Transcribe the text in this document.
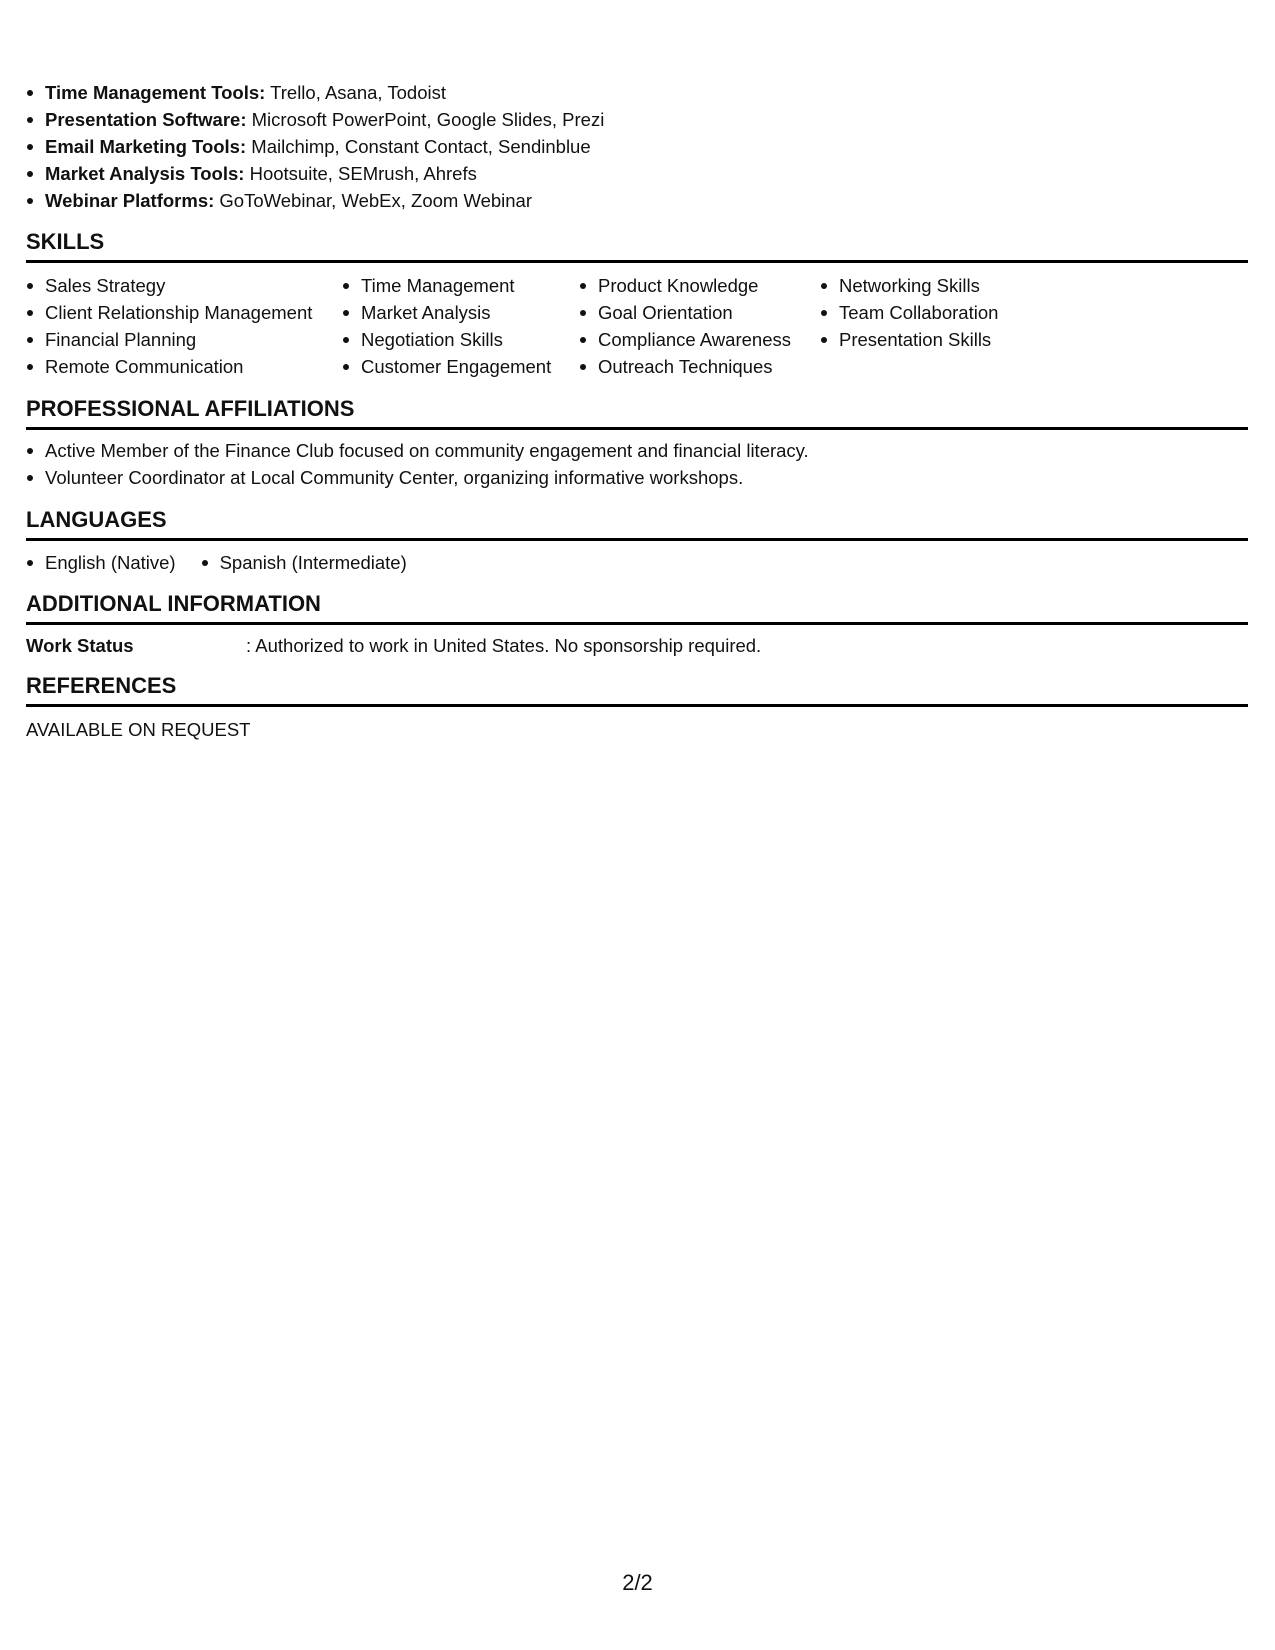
Time Management Tools: Trello, Asana, Todoist
Presentation Software: Microsoft PowerPoint, Google Slides, Prezi
Email Marketing Tools: Mailchimp, Constant Contact, Sendinblue
Market Analysis Tools: Hootsuite, SEMrush, Ahrefs
Webinar Platforms: GoToWebinar, WebEx, Zoom Webinar
SKILLS
Sales Strategy
Client Relationship Management
Financial Planning
Remote Communication
Time Management
Market Analysis
Negotiation Skills
Customer Engagement
Product Knowledge
Goal Orientation
Compliance Awareness
Outreach Techniques
Networking Skills
Team Collaboration
Presentation Skills
PROFESSIONAL AFFILIATIONS
Active Member of the Finance Club focused on community engagement and financial literacy.
Volunteer Coordinator at Local Community Center, organizing informative workshops.
LANGUAGES
English (Native)	Spanish (Intermediate)
ADDITIONAL INFORMATION
Work Status	: Authorized to work in United States. No sponsorship required.
REFERENCES
AVAILABLE ON REQUEST
2/2
